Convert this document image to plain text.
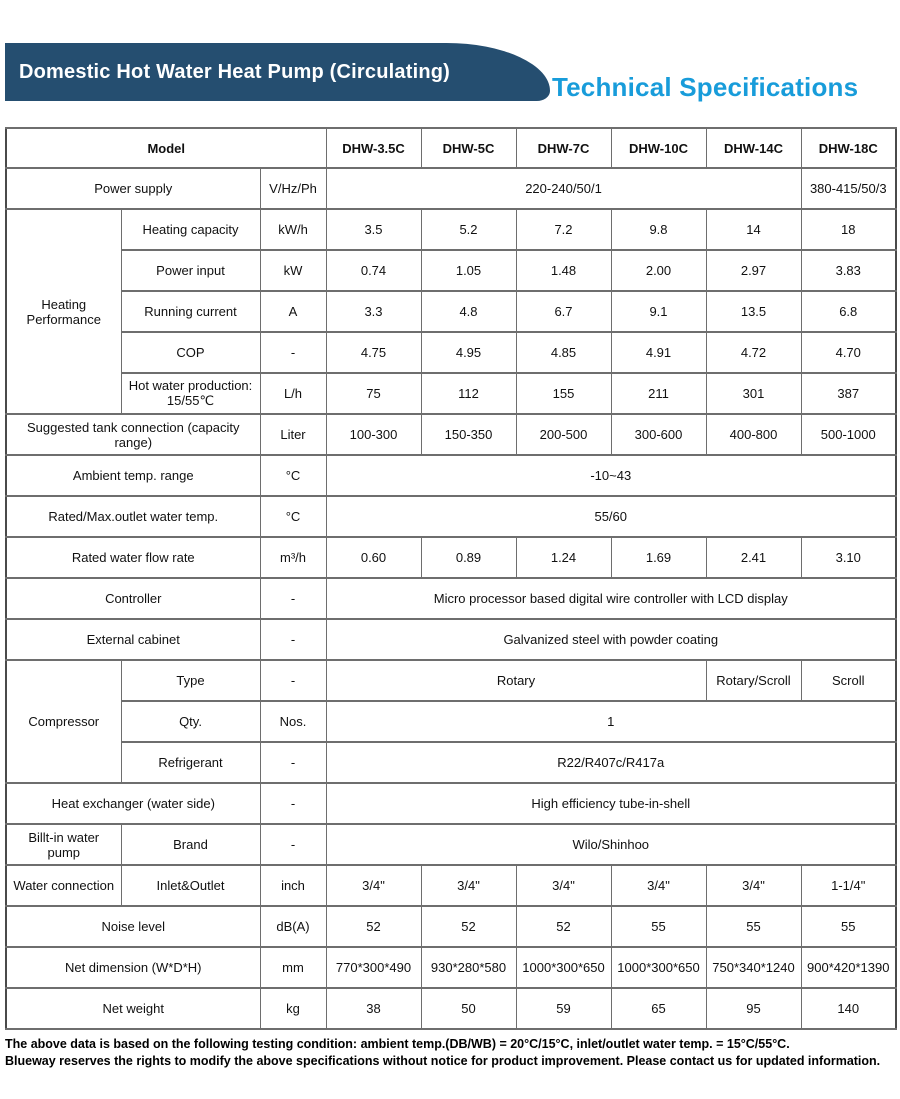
Domestic Hot Water Heat Pump (Circulating)
Technical Specifications
Model			DHW-3.5C	DHW-5C	DHW-7C	DHW-10C	DHW-14C	DHW-18C
Power supply		V/Hz/Ph	220-240/50/1					380-415/50/3
Heating Performance	Heating capacity	kW/h	3.5	5.2	7.2	9.8	14	18
	Power input	kW	0.74	1.05	1.48	2.00	2.97	3.83
	Running current	A	3.3	4.8	6.7	9.1	13.5	6.8
	COP	-	4.75	4.95	4.85	4.91	4.72	4.70
	Hot water production: 15/55℃	L/h	75	112	155	211	301	387
Suggested tank connection (capacity range)		Liter	100-300	150-350	200-500	300-600	400-800	500-1000
Ambient temp. range		°C	-10~43					
Rated/Max.outlet water temp.		°C	55/60					
Rated water flow rate		m³/h	0.60	0.89	1.24	1.69	2.41	3.10
Controller		-	Micro processor based digital wire controller with LCD display					
External cabinet		-	Galvanized steel with powder coating					
Compressor	Type	-	Rotary				Rotary/Scroll	Scroll
	Qty.	Nos.	1					
	Refrigerant	-	R22/R407c/R417a					
Heat exchanger (water side)		-	High efficiency tube-in-shell					
Billt-in water pump	Brand	-	Wilo/Shinhoo					
Water connection	Inlet&Outlet	inch	3/4"	3/4"	3/4"	3/4"	3/4"	1-1/4"
Noise level		dB(A)	52	52	52	55	55	55
Net dimension (W*D*H)		mm	770*300*490	930*280*580	1000*300*650	1000*300*650	750*340*1240	900*420*1390
Net weight		kg	38	50	59	65	95	140

The above data is based on the following testing condition: ambient temp.(DB/WB) = 20°C/15°C, inlet/outlet water temp. = 15°C/55°C.

Blueway reserves the rights to modify the above specifications without notice for product improvement. Please contact us for updated information.
